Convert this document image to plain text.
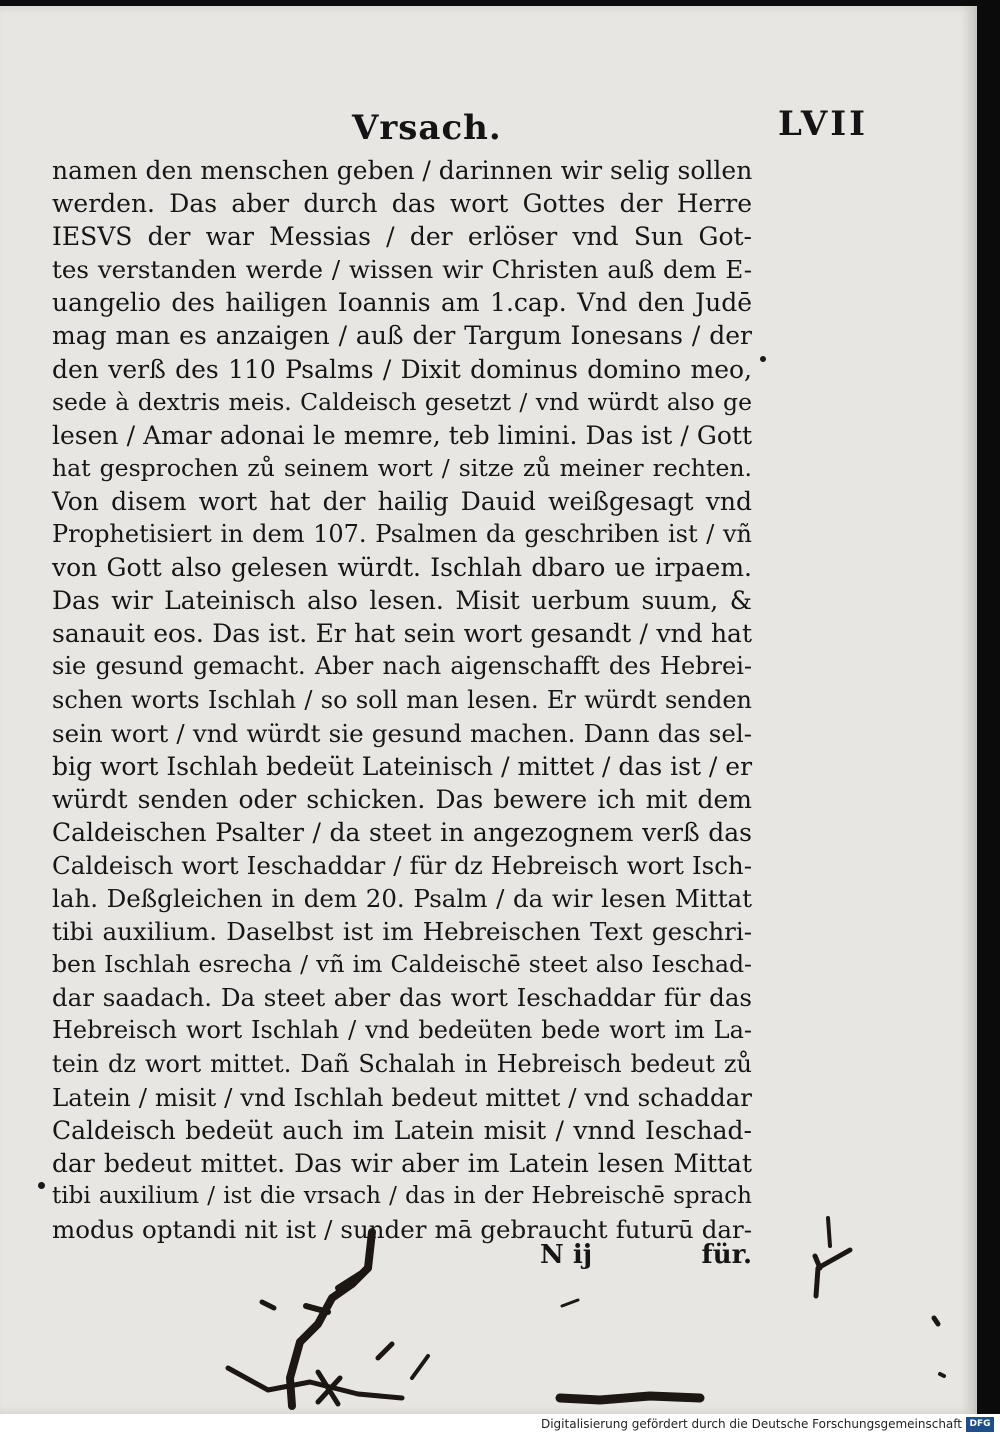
Vrsach.	LVII
namen den menschen geben / darinnen wir selig sollen
werden. Das aber durch das wort Gottes der Herre
IESVS der war Messias / der erlöser vnd Sun Got-
tes verstanden werde / wissen wir Christen auß dem E-
uangelio des hailigen Ioannis am 1.cap. Vnd den Judē
mag man es anzaigen / auß der Targum Ionesans / der
den verß des 110 Psalms / Dixit dominus domino meo,
sede à dextris meis. Caldeisch gesetzt / vnd würdt also ge
lesen / Amar adonai le memre, teb limini. Das ist / Gott
hat gesprochen zů seinem wort / sitze zů meiner rechten.
Von disem wort hat der hailig Dauid weißgesagt vnd
Prophetisiert in dem 107. Psalmen da geschriben ist / vñ
von Gott also gelesen würdt. Ischlah dbaro ue irpaem.
Das wir Lateinisch also lesen. Misit uerbum suum, &
sanauit eos. Das ist. Er hat sein wort gesandt / vnd hat
sie gesund gemacht. Aber nach aigenschafft des Hebrei-
schen worts Ischlah / so soll man lesen. Er würdt senden
sein wort / vnd würdt sie gesund machen. Dann das sel-
big wort Ischlah bedeüt Lateinisch / mittet / das ist / er
würdt senden oder schicken. Das bewere ich mit dem
Caldeischen Psalter / da steet in angezognem verß das
Caldeisch wort Ieschaddar / für dz Hebreisch wort Isch-
lah. Deßgleichen in dem 20. Psalm / da wir lesen Mittat
tibi auxilium. Daselbst ist im Hebreischen Text geschri-
ben Ischlah esrecha / vñ im Caldeischē steet also Ieschad-
dar saadach. Da steet aber das wort Ieschaddar für das
Hebreisch wort Ischlah / vnd bedeüten bede wort im La-
tein dz wort mittet. Dañ Schalah in Hebreisch bedeut zů
Latein / misit / vnd Ischlah bedeut mittet / vnd schaddar
Caldeisch bedeüt auch im Latein misit / vnnd Ieschad-
dar bedeut mittet. Das wir aber im Latein lesen Mittat
tibi auxilium / ist die vrsach / das in der Hebreischē sprach
modus optandi nit ist / sunder mā gebraucht futurū dar-
N ij	für.
Digitalisierung gefördert durch die Deutsche Forschungsgemeinschaft DFG
